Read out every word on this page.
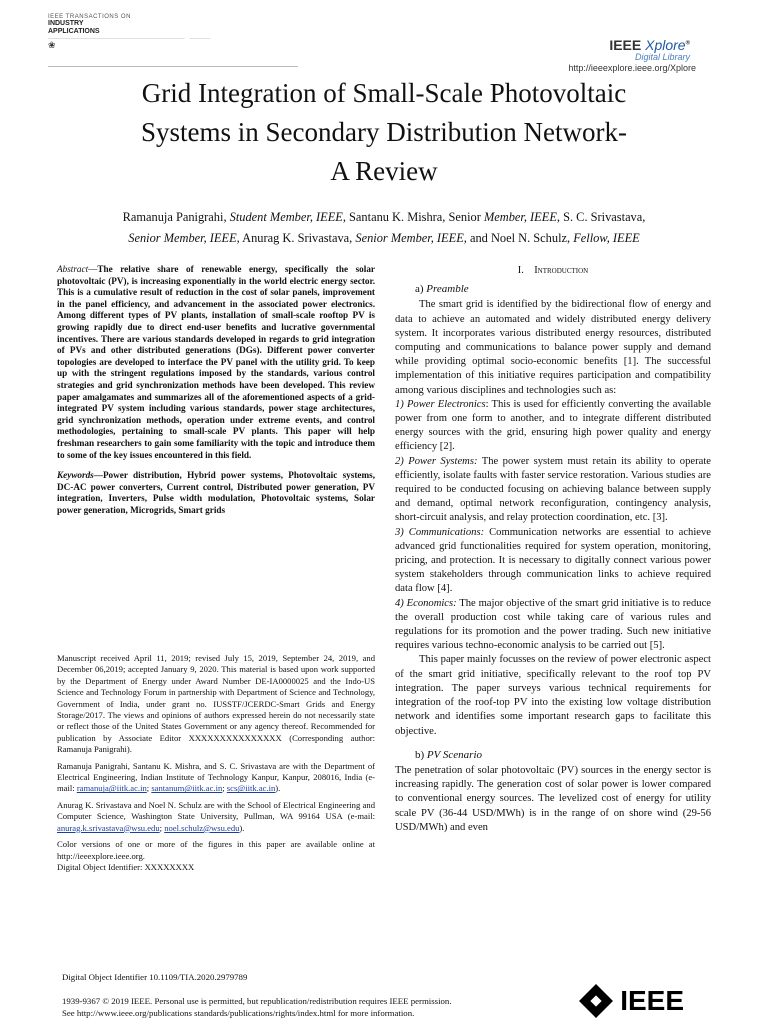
IEEE TRANSACTIONS ON
INDUSTRY
APPLICATIONS
———————————————————————————————————————     ——————
❀	IEEE Xplore®
Digital Library
http://ieeexplore.ieee.org/Xplore
Grid Integration of Small-Scale Photovoltaic
Systems in Secondary Distribution Network-
A Review
Ramanuja Panigrahi, Student Member, IEEE, Santanu K. Mishra, Senior Member, IEEE, S. C. Srivastava,
Senior Member, IEEE, Anurag K. Srivastava, Senior Member, IEEE, and Noel N. Schulz, Fellow, IEEE

Abstract—The relative share of renewable energy, specifically the solar photovoltaic (PV), is increasing exponentially in the world electric energy sector. This is a cumulative result of reduction in the cost of solar panels, improvement in the panel efficiency, and advancement in the associated power electronics. Among different types of PV plants, installation of small-scale rooftop PV is growing rapidly due to direct end-user benefits and lucrative governmental incentives. There are various standards developed in regards to grid integration of PVs and other distributed generations (DGs). Different power converter topologies are developed to interface the PV panel with the utility grid. To keep up with the stringent regulations imposed by the standards, various control strategies and grid synchronization methods have been developed. This review paper amalgamates and summarizes all of the aforementioned aspects of a grid-integrated PV system including various standards, power stage architectures, grid synchronization methods, operation under extreme events, and control methodologies, pertaining to small-scale PV plants. This paper will help freshman researchers to gain some familiarity with the topic and introduce them to some of the key issues encountered in this field.

Keywords—Power distribution, Hybrid power systems, Photovoltaic systems, DC-AC power converters, Current control, Distributed power generation, PV integration, Inverters, Pulse width modulation, Photovoltaic systems, Solar power generation, Microgrids, Smart grids

Manuscript received April 11, 2019; revised July 15, 2019, September 24, 2019, and December 06,2019; accepted January 9, 2020. This material is based upon work supported by the Department of Energy under Award Number DE-IA0000025 and the Indo-US Science and Technology Forum in partnership with Department of Science and Technology, Government of India, under grant no. IUSSTF/JCERDC-Smart Grids and Energy Storage/2017. The views and opinions of authors expressed herein do not necessarily state or reflect those of the United States Government or any agency thereof. Recommended for publication by Associate Editor XXXXXXXXXXXXXXX (Corresponding author: Ramanuja Panigrahi).

Ramanuja Panigrahi, Santanu K. Mishra, and S. C. Srivastava are with the Department of Electrical Engineering, Indian Institute of Technology Kanpur, Kanpur, 208016, India (e-mail: ramanuja@iitk.ac.in; santanum@iitk.ac.in; scs@iitk.ac.in).

Anurag K. Srivastava and Noel N. Schulz are with the School of Electrical Engineering and Computer Science, Washington State University, Pullman, WA 99164 USA (e-mail: anurag.k.srivastava@wsu.edu; noel.schulz@wsu.edu).

Color versions of one or more of the figures in this paper are available online at http://ieeexplore.ieee.org.

Digital Object Identifier: XXXXXXXX

I. Introduction
a) Preamble

The smart grid is identified by the bidirectional flow of energy and data to achieve an automated and widely distributed energy delivery system. It incorporates various distributed energy resources, distributed computing and communications to balance power supply and demand while providing optimal socio-economic benefits [1]. The successful implementation of this initiative requires participation and compatibility among various disciplines and technologies such as:

1) Power Electronics: This is used for efficiently converting the available power from one form to another, and to integrate different distributed energy sources with the grid, ensuring high power quality and energy efficiency [2].

2) Power Systems: The power system must retain its ability to operate efficiently, isolate faults with faster service restoration. Various studies are required to be conducted focusing on achieving balance between supply and demand, optimal network reconfiguration, contingency analysis, short-circuit analysis, and relay protection coordination, etc. [3].

3) Communications: Communication networks are essential to achieve advanced grid functionalities required for system operation, monitoring, pricing, and protection. It is necessary to digitally connect various power system stakeholders through communication links to achieve required data flow [4].

4) Economics: The major objective of the smart grid initiative is to reduce the overall production cost while taking care of various rules and regulations for its promotion and the power trading. Such new initiative requires various techno-economic analysis to be carried out [5].

This paper mainly focusses on the review of power electronic aspect of the smart grid initiative, specifically relevant to the roof top PV integration. The paper surveys various technical requirements for integration of the roof-top PV into the existing low voltage distribution network and identifies some important research gaps to facilitate this objective.

b) PV Scenario

The penetration of solar photovoltaic (PV) sources in the energy sector is increasing rapidly. The generation cost of solar power is lower compared to conventional energy sources. The levelized cost of energy for utility scale PV (36-44 USD/MWh) is in the range of on shore wind (29-56 USD/MWh) and even

Digital Object Identifier 10.1109/TIA.2020.2979789
1939-9367 © 2019 IEEE. Personal use is permitted, but republication/redistribution requires IEEE permission.
See http://www.ieee.org/publications standards/publications/rights/index.html for more information.	IEEE
